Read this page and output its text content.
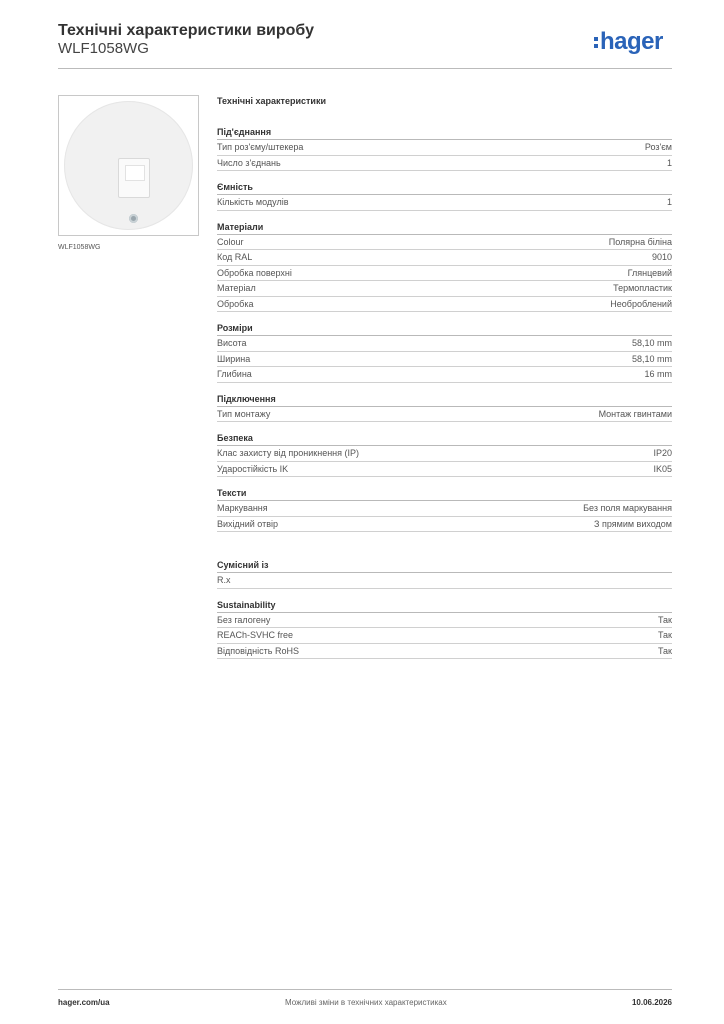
Технічні характеристики виробу
WLF1058WG	hager
WLF1058WG
Технічні характеристики
Під'єднання
Тип роз'єму/штекера	Роз'єм
Число з'єднань	1
Ємність
Кількість модулів	1
Матеріали
Colour	Полярна біліна
Код RAL	9010
Обробка поверхні	Глянцевий
Матеріал	Термопластик
Обробка	Необроблений
Розміри
Висота	58,10 mm
Ширина	58,10 mm
Глибина	16 mm
Підключення
Тип монтажу	Монтаж гвинтами
Безпека
Клас захисту від проникнення (IP)	IP20
Ударостійкість IK	IK05
Тексти
Маркування	Без поля маркування
Вихідний отвір	З прямим виходом
Сумісний із
R.x
Sustainability
Без галогену	Так
REACh-SVHC free	Так
Відповідність RoHS	Так
hager.com/ua	Можливі зміни в технічних характеристиках	10.06.2026
